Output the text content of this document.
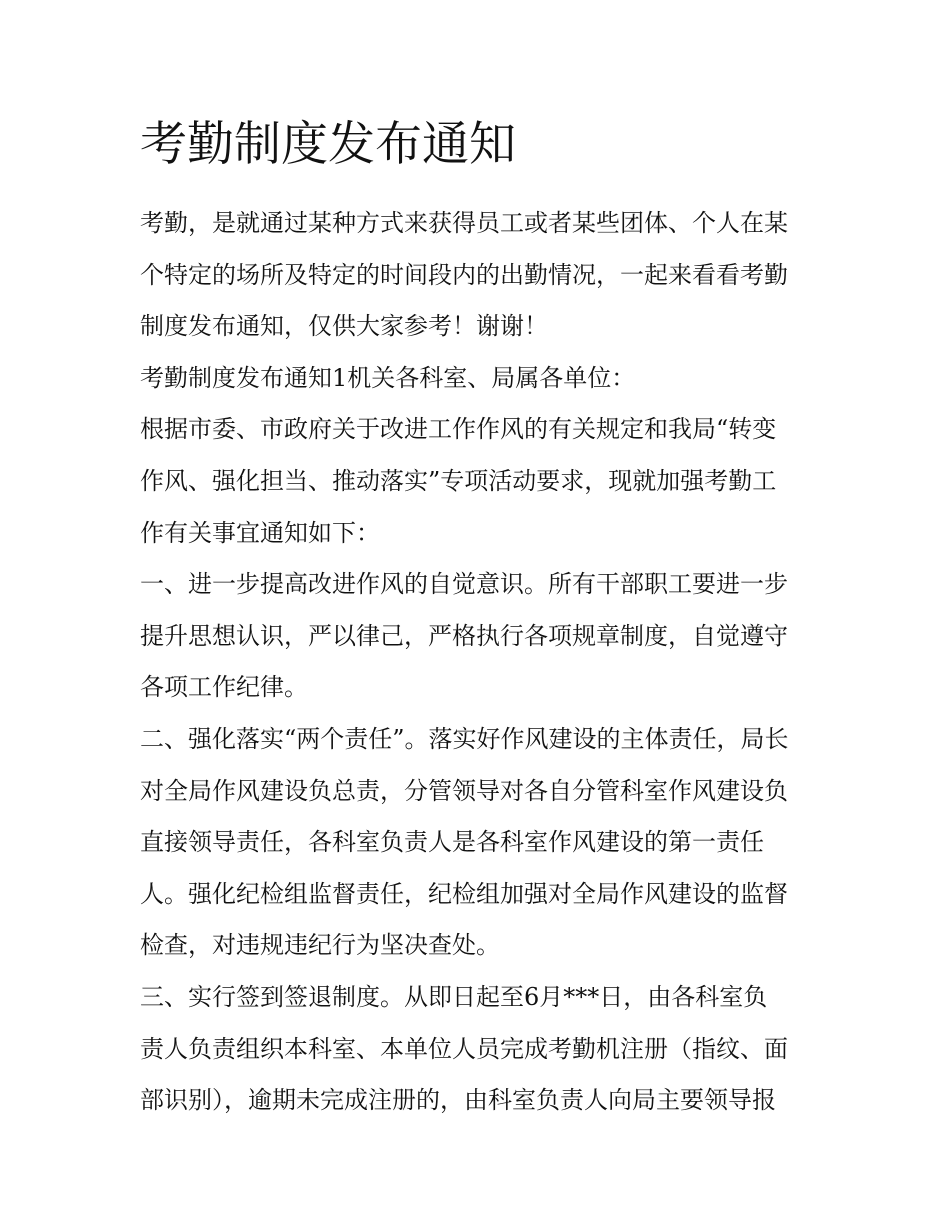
考勤制度发布通知
考勤，是就通过某种方式来获得员工或者某些团体、个人在某
个特定的场所及特定的时间段内的出勤情况，一起来看看考勤
制度发布通知，仅供大家参考！谢谢！
考勤制度发布通知1机关各科室、局属各单位：
根据市委、市政府关于改进工作作风的有关规定和我局“转变
作风、强化担当、推动落实”专项活动要求，现就加强考勤工
作有关事宜通知如下：
一、进一步提高改进作风的自觉意识。所有干部职工要进一步
提升思想认识，严以律己，严格执行各项规章制度，自觉遵守
各项工作纪律。
二、强化落实“两个责任”。落实好作风建设的主体责任，局长
对全局作风建设负总责，分管领导对各自分管科室作风建设负
直接领导责任，各科室负责人是各科室作风建设的第一责任
人。强化纪检组监督责任，纪检组加强对全局作风建设的监督
检查，对违规违纪行为坚决查处。
三、实行签到签退制度。从即日起至6月***日，由各科室负
责人负责组织本科室、本单位人员完成考勤机注册（指纹、面
部识别），逾期未完成注册的，由科室负责人向局主要领导报
